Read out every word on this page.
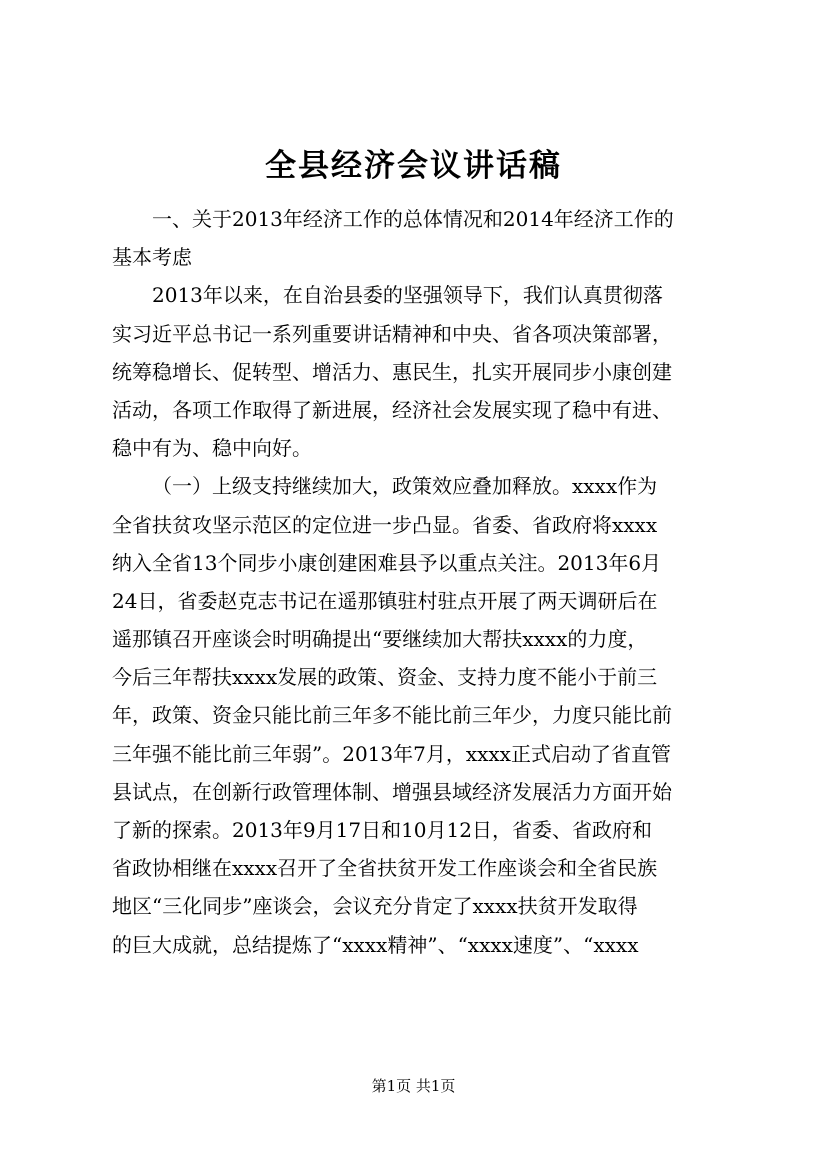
全县经济会议讲话稿
一、关于2013年经济工作的总体情况和2014年经济工作的
基本考虑
2013年以来，在自治县委的坚强领导下，我们认真贯彻落
实习近平总书记一系列重要讲话精神和中央、省各项决策部署，
统筹稳增长、促转型、增活力、惠民生，扎实开展同步小康创建
活动，各项工作取得了新进展，经济社会发展实现了稳中有进、
稳中有为、稳中向好。
（一）上级支持继续加大，政策效应叠加释放。xxxx作为
全省扶贫攻坚示范区的定位进一步凸显。省委、省政府将xxxx
纳入全省13个同步小康创建困难县予以重点关注。2013年6月
24日，省委赵克志书记在遥那镇驻村驻点开展了两天调研后在
遥那镇召开座谈会时明确提出“要继续加大帮扶xxxx的力度，
今后三年帮扶xxxx发展的政策、资金、支持力度不能小于前三
年，政策、资金只能比前三年多不能比前三年少，力度只能比前
三年强不能比前三年弱”。2013年7月，xxxx正式启动了省直管
县试点，在创新行政管理体制、增强县域经济发展活力方面开始
了新的探索。2013年9月17日和10月12日，省委、省政府和
省政协相继在xxxx召开了全省扶贫开发工作座谈会和全省民族
地区“三化同步”座谈会，会议充分肯定了xxxx扶贫开发取得
的巨大成就，总结提炼了“xxxx精神”、“xxxx速度”、“xxxx
第1页 共1页
